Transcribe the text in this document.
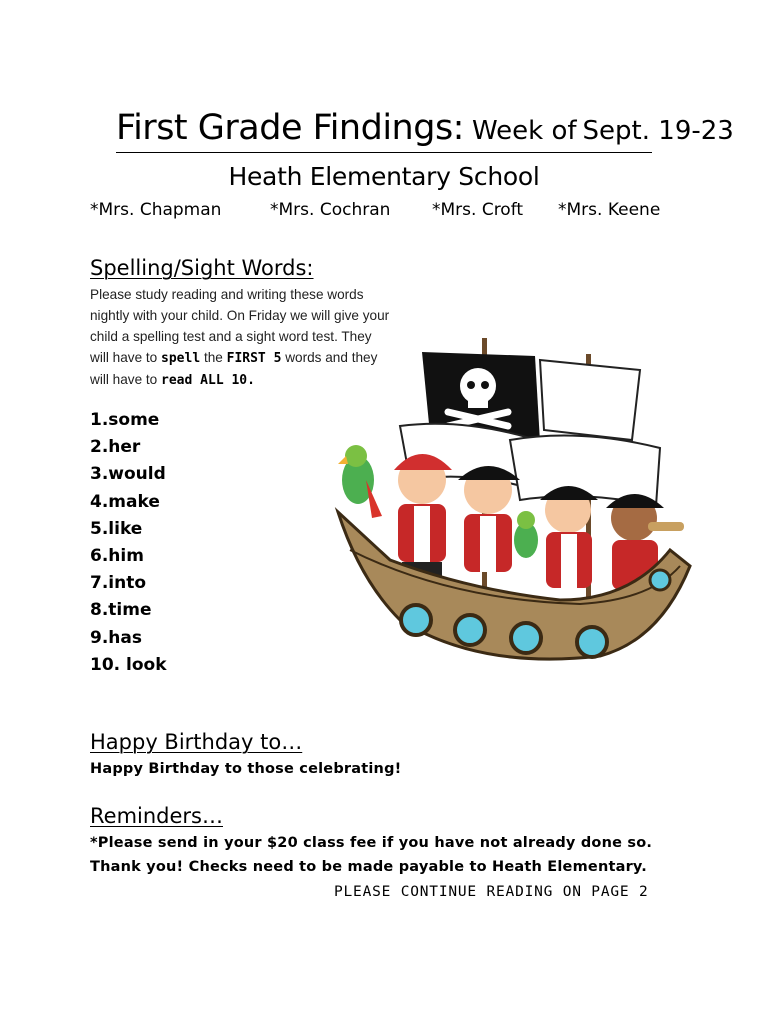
First Grade Findings: Week of Sept. 19-23
Heath Elementary School
*Mrs. Chapman	*Mrs. Cochran *Mrs. Croft *Mrs. Keene
Spelling/Sight Words:
Please study reading and writing these words nightly with your child. On Friday we will give your child a spelling test and a sight word test. They will have to spell the FIRST 5 words and they will have to read ALL 10.
1.some
2.her
3.would
4.make
5.like
6.him
7.into
8.time
9.has
10. look
Happy Birthday to…
Happy Birthday to those celebrating!
Reminders…
*Please send in your $20 class fee if you have not already done so.
Thank you! Checks need to be made payable to Heath Elementary.
PLEASE CONTINUE READING ON PAGE 2
